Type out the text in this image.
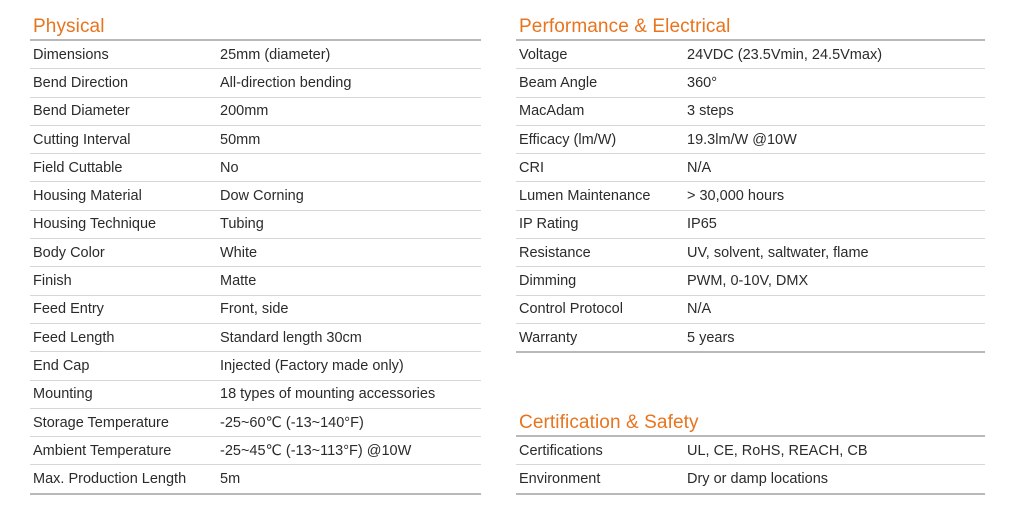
Physical
Dimensions	25mm (diameter)
Bend Direction	All-direction bending
Bend Diameter	200mm
Cutting Interval	50mm
Field Cuttable	No
Housing Material	Dow Corning
Housing Technique	Tubing
Body Color	White
Finish	Matte
Feed Entry	Front, side
Feed Length	Standard length 30cm
End Cap	Injected (Factory made only)
Mounting	18 types of mounting accessories
Storage Temperature	-25~60℃ (-13~140°F)
Ambient Temperature	-25~45℃ (-13~113°F) @10W
Max. Production Length	5m
Performance & Electrical
Voltage	24VDC (23.5Vmin, 24.5Vmax)
Beam Angle	360°
MacAdam	3 steps
Efficacy (lm/W)	19.3lm/W @10W
CRI	N/A
Lumen Maintenance	> 30,000 hours
IP Rating	IP65
Resistance	UV, solvent, saltwater, flame
Dimming	PWM, 0-10V, DMX
Control Protocol	N/A
Warranty	5 years
Certification & Safety
Certifications	UL, CE, RoHS, REACH, CB
Environment	Dry or damp locations
